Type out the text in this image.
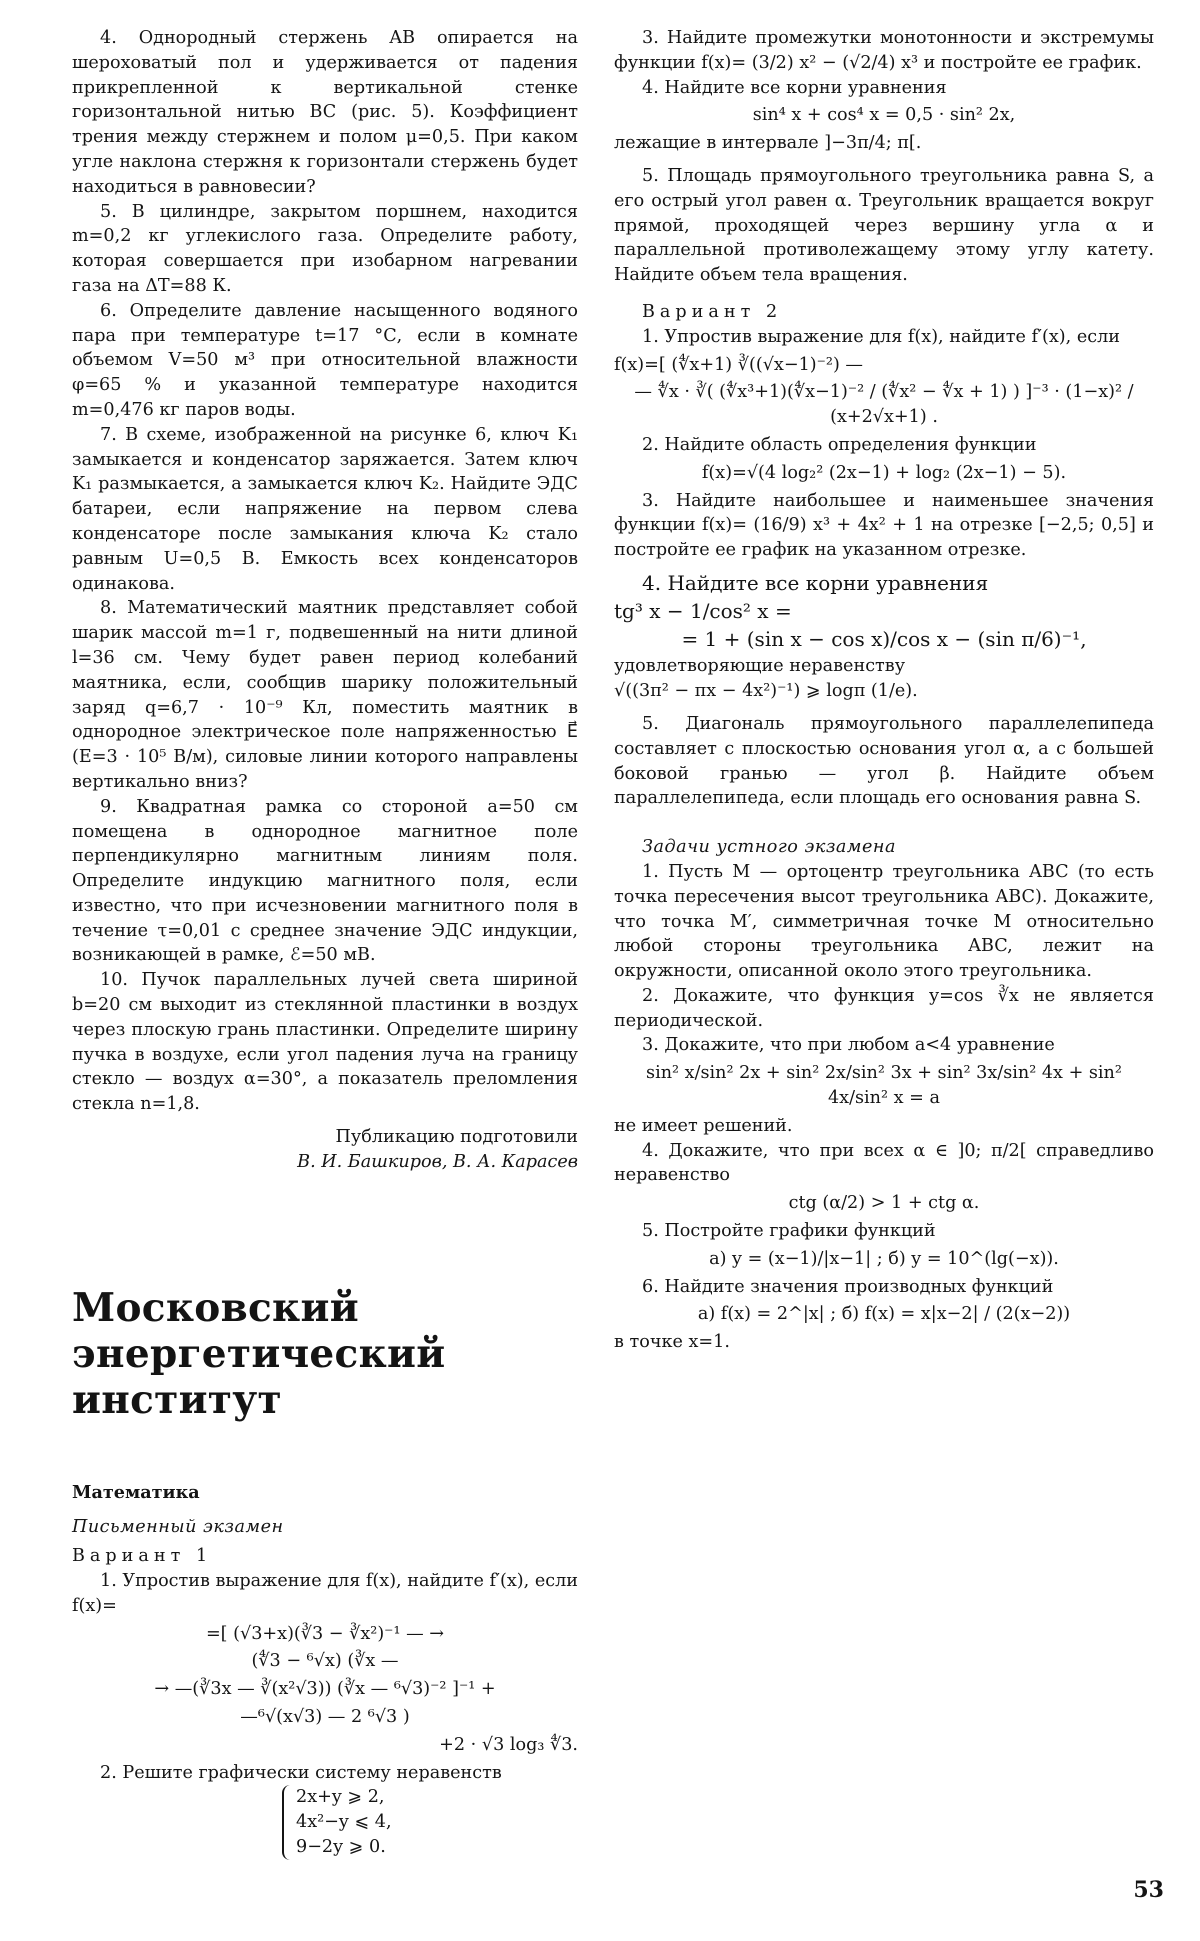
4. Однородный стержень AB опирается на шероховатый пол и удерживается от падения прикрепленной к вертикальной стенке горизонтальной нитью BC (рис. 5). Коэффициент трения между стержнем и полом μ=0,5. При каком угле наклона стержня к горизонтали стержень будет находиться в равновесии?

5. В цилиндре, закрытом поршнем, находится m=0,2 кг углекислого газа. Определите работу, которая совершается при изобарном нагревании газа на ΔT=88 К.

6. Определите давление насыщенного водяного пара при температуре t=17 °С, если в комнате объемом V=50 м³ при относительной влажности φ=65 % и указанной температуре находится m=0,476 кг паров воды.

7. В схеме, изображенной на рисунке 6, ключ K₁ замыкается и конденсатор заряжается. Затем ключ K₁ размыкается, а замыкается ключ K₂. Найдите ЭДС батареи, если напряжение на первом слева конденсаторе после замыкания ключа K₂ стало равным U=0,5 В. Емкость всех конденсаторов одинакова.

8. Математический маятник представляет собой шарик массой m=1 г, подвешенный на нити длиной l=36 см. Чему будет равен период колебаний маятника, если, сообщив шарику положительный заряд q=6,7 · 10⁻⁹ Кл, поместить маятник в однородное электрическое поле напряженностью E⃗ (E=3 · 10⁵ В/м), силовые линии которого направлены вертикально вниз?

9. Квадратная рамка со стороной a=50 см помещена в однородное магнитное поле перпендикулярно магнитным линиям поля. Определите индукцию магнитного поля, если известно, что при исчезновении магнитного поля в течение τ=0,01 с среднее значение ЭДС индукции, возникающей в рамке, ℰ=50 мВ.

10. Пучок параллельных лучей света шириной b=20 см выходит из стеклянной пластинки в воздух через плоскую грань пластинки. Определите ширину пучка в воздухе, если угол падения луча на границу стекло — воздух α=30°, а показатель преломления стекла n=1,8.

Публикацию подготовили
В. И. Башкиров, В. А. Карасев
Московский энергетический институт
Математика
Письменный экзамен
Вариант 1

1. Упростив выражение для f(x), найдите f′(x), если

f(x)=

=[ (√3+x)(∛3 − ∛x²)⁻¹ — →
(∜3 − ⁶√x) (∛x —
→ —(∛3x — ∛(x²√3)) (∛x — ⁶√3)⁻² ]⁻¹ +
—⁶√(x√3) — 2 ⁶√3 )
+2 · √3 log₃ ∜3.

2. Решите графически систему неравенств

2x+y ⩾ 2,
4x²−y ⩽ 4,
9−2y ⩾ 0.

3. Найдите промежутки монотонности и экстремумы функции f(x)= (3/2) x² − (√2/4) x³ и постройте ее график.

4. Найдите все корни уравнения

sin⁴ x + cos⁴ x = 0,5 · sin² 2x,

лежащие в интервале ]−3π/4; π[.

5. Площадь прямоугольного треугольника равна S, а его острый угол равен α. Треугольник вращается вокруг прямой, проходящей через вершину угла α и параллельной противолежащему этому углу катету. Найдите объем тела вращения.

Вариант 2

1. Упростив выражение для f(x), найдите f′(x), если

f(x)=[ (∜x+1) ∛((√x−1)⁻²) —
— ∜x · ∛( (∜x³+1)(∜x−1)⁻² / (∜x² − ∜x + 1) ) ]⁻³ · (1−x)² / (x+2√x+1) .

2. Найдите область определения функции

f(x)=√(4 log₂² (2x−1) + log₂ (2x−1) − 5).

3. Найдите наибольшее и наименьшее значения функции f(x)= (16/9) x³ + 4x² + 1 на отрезке [−2,5; 0,5] и постройте ее график на указанном отрезке.

4. Найдите все корни уравнения

tg³ x − 1/cos² x =
= 1 + (sin x − cos x)/cos x − (sin π/6)⁻¹,

удовлетворяющие неравенству

√((3π² − πx − 4x²)⁻¹) ⩾ logπ (1/e).

5. Диагональ прямоугольного параллелепипеда составляет с плоскостью основания угол α, а с большей боковой гранью — угол β. Найдите объем параллелепипеда, если площадь его основания равна S.

Задачи устного экзамена

1. Пусть M — ортоцентр треугольника ABC (то есть точка пересечения высот треугольника ABC). Докажите, что точка M′, симметричная точке M относительно любой стороны треугольника ABC, лежит на окружности, описанной около этого треугольника.

2. Докажите, что функция y=cos ∛x не является периодической.

3. Докажите, что при любом a<4 уравнение

sin² x/sin² 2x + sin² 2x/sin² 3x + sin² 3x/sin² 4x + sin² 4x/sin² x = a

не имеет решений.

4. Докажите, что при всех α ∈ ]0; π/2[ справедливо неравенство

ctg (α/2) > 1 + ctg α.

5. Постройте графики функций

а) y = (x−1)/|x−1| ; б) y = 10^(lg(−x)).

6. Найдите значения производных функций

а) f(x) = 2^|x| ; б) f(x) = x|x−2| / (2(x−2))

в точке x=1.

53
